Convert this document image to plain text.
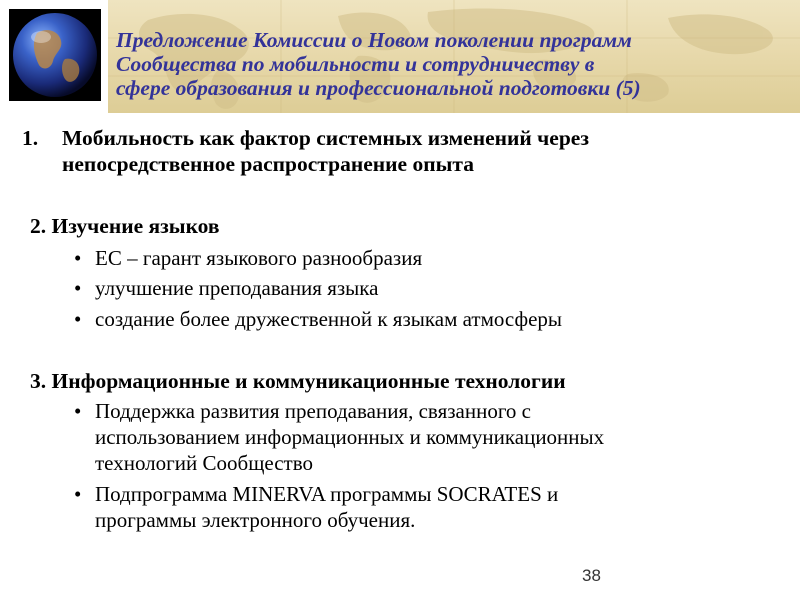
Предложение Комиссии о Новом поколении программ
Сообщества по мобильности и сотрудничеству в
сфере образования и профессиональной подготовки (5)
1. Мобильность как фактор системных изменений через
непосредственное распространение опыта
2. Изучение языков
• ЕС – гарант языкового разнообразия
• улучшение преподавания языка
• создание более дружественной к языкам атмосферы
3. Информационные и коммуникационные технологии
• Поддержка развития преподавания, связанного с
использованием информационных и коммуникационных
технологий Сообщество
• Подпрограмма MINERVA программы SOCRATES и
программы электронного обучения.
38
